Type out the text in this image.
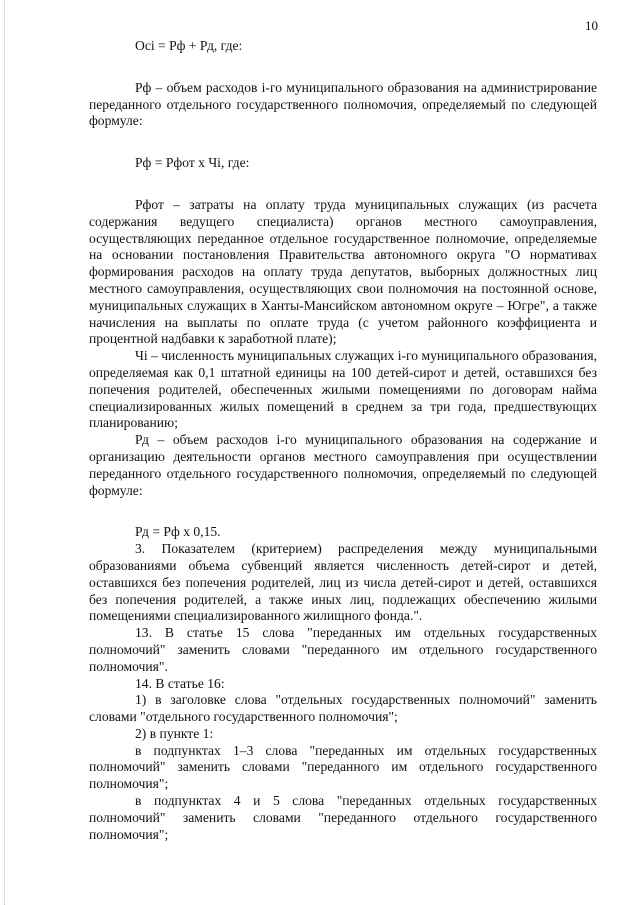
10

Осi = Рф + Рд, где:

Рф – объем расходов i-го муниципального образования на администрирование переданного отдельного государственного полномочия, определяемый по следующей формуле:

Рф = Рфот х Чi, где:

Рфот – затраты на оплату труда муниципальных служащих (из расчета содержания ведущего специалиста) органов местного самоуправления, осуществляющих переданное отдельное государственное полномочие, определяемые на основании постановления Правительства автономного округа "О нормативах формирования расходов на оплату труда депутатов, выборных должностных лиц местного самоуправления, осуществляющих свои полномочия на постоянной основе, муниципальных служащих в Ханты-Мансийском автономном округе – Югре", а также начисления на выплаты по оплате труда (с учетом районного коэффициента и процентной надбавки к заработной плате);

Чi – численность муниципальных служащих i-го муниципального образования, определяемая как 0,1 штатной единицы на 100 детей-сирот и детей, оставшихся без попечения родителей, обеспеченных жилыми помещениями по договорам найма специализированных жилых помещений в среднем за три года, предшествующих планированию;

Рд – объем расходов i-го муниципального образования на содержание и организацию деятельности органов местного самоуправления при осуществлении переданного отдельного государственного полномочия, определяемый по следующей формуле:

Рд = Рф х 0,15.

3. Показателем (критерием) распределения между муниципальными образованиями объема субвенций является численность детей-сирот и детей, оставшихся без попечения родителей, лиц из числа детей-сирот и детей, оставшихся без попечения родителей, а также иных лиц, подлежащих обеспечению жилыми помещениями специализированного жилищного фонда.".

13. В статье 15 слова "переданных им отдельных государственных полномочий" заменить словами "переданного им отдельного государственного полномочия".

14. В статье 16:

1) в заголовке слова "отдельных государственных полномочий" заменить словами "отдельного государственного полномочия";

2) в пункте 1:

в подпунктах 1–3 слова "переданных им отдельных государственных полномочий" заменить словами "переданного им отдельного государственного полномочия";

в подпунктах 4 и 5 слова "переданных отдельных государственных полномочий" заменить словами "переданного отдельного государственного полномочия";
